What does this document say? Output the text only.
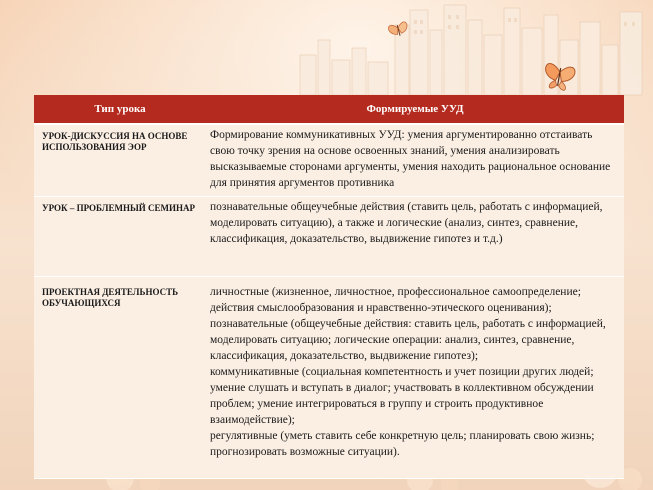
Тип урока	Формируемые УУД
УРОК-ДИСКУССИЯ НА ОСНОВЕ ИСПОЛЬЗОВАНИЯ ЭОР	Формирование коммуникативных УУД: умения аргументированно отстаивать свою точку зрения на основе освоенных знаний, умения анализировать высказываемые сторонами аргументы, умения находить рациональное основание для принятия аргументов противника
УРОК – ПРОБЛЕМНЫЙ СЕМИНАР	познавательные общеучебные действия (ставить цель, работать с информацией, моделировать ситуацию), а также и логические (анализ, синтез, сравнение, классификация, доказательство, выдвижение гипотез и т.д.)
ПРОЕКТНАЯ ДЕЯТЕЛЬНОСТЬ ОБУЧАЮЩИХСЯ	личностные (жизненное, личностное, профессиональное самоопределение; действия смыслообразования и нравственно-этического оценивания);
познавательные (общеучебные действия: ставить цель, работать с информацией, моделировать ситуацию; логические операции: анализ, синтез, сравнение, классификация, доказательство, выдвижение гипотез);
коммуникативные (социальная компетентность и учет позиции других людей; умение слушать и вступать в диалог; участвовать в коллективном обсуждении проблем; умение интегрироваться в группу и строить продуктивное взаимодействие);
регулятивные (уметь ставить себе конкретную цель; планировать свою жизнь; прогнозировать возможные ситуации).
